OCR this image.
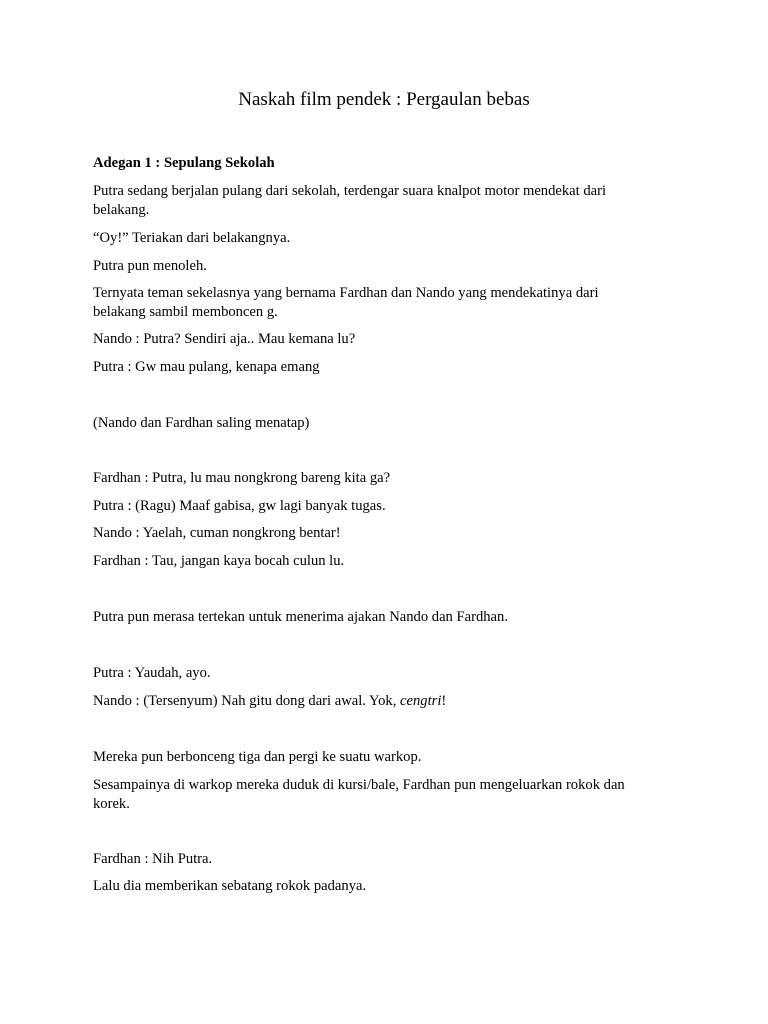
Naskah film pendek : Pergaulan bebas
Adegan 1 : Sepulang Sekolah
Putra sedang berjalan pulang dari sekolah, terdengar suara knalpot motor mendekat dari
belakang.
“Oy!” Teriakan dari belakangnya.
Putra pun menoleh.
Ternyata teman sekelasnya yang bernama Fardhan dan Nando yang mendekatinya dari
belakang sambil memboncen g.
Nando : Putra? Sendiri aja.. Mau kemana lu?
Putra : Gw mau pulang, kenapa emang
(Nando dan Fardhan saling menatap)
Fardhan : Putra, lu mau nongkrong bareng kita ga?
Putra : (Ragu) Maaf gabisa, gw lagi banyak tugas.
Nando : Yaelah, cuman nongkrong bentar!
Fardhan : Tau, jangan kaya bocah culun lu.
Putra pun merasa tertekan untuk menerima ajakan Nando dan Fardhan.
Putra : Yaudah, ayo.
Nando : (Tersenyum) Nah gitu dong dari awal. Yok, cengtri!
Mereka pun berbonceng tiga dan pergi ke suatu warkop.
Sesampainya di warkop mereka duduk di kursi/bale, Fardhan pun mengeluarkan rokok dan
korek.
Fardhan : Nih Putra.
Lalu dia memberikan sebatang rokok padanya.
